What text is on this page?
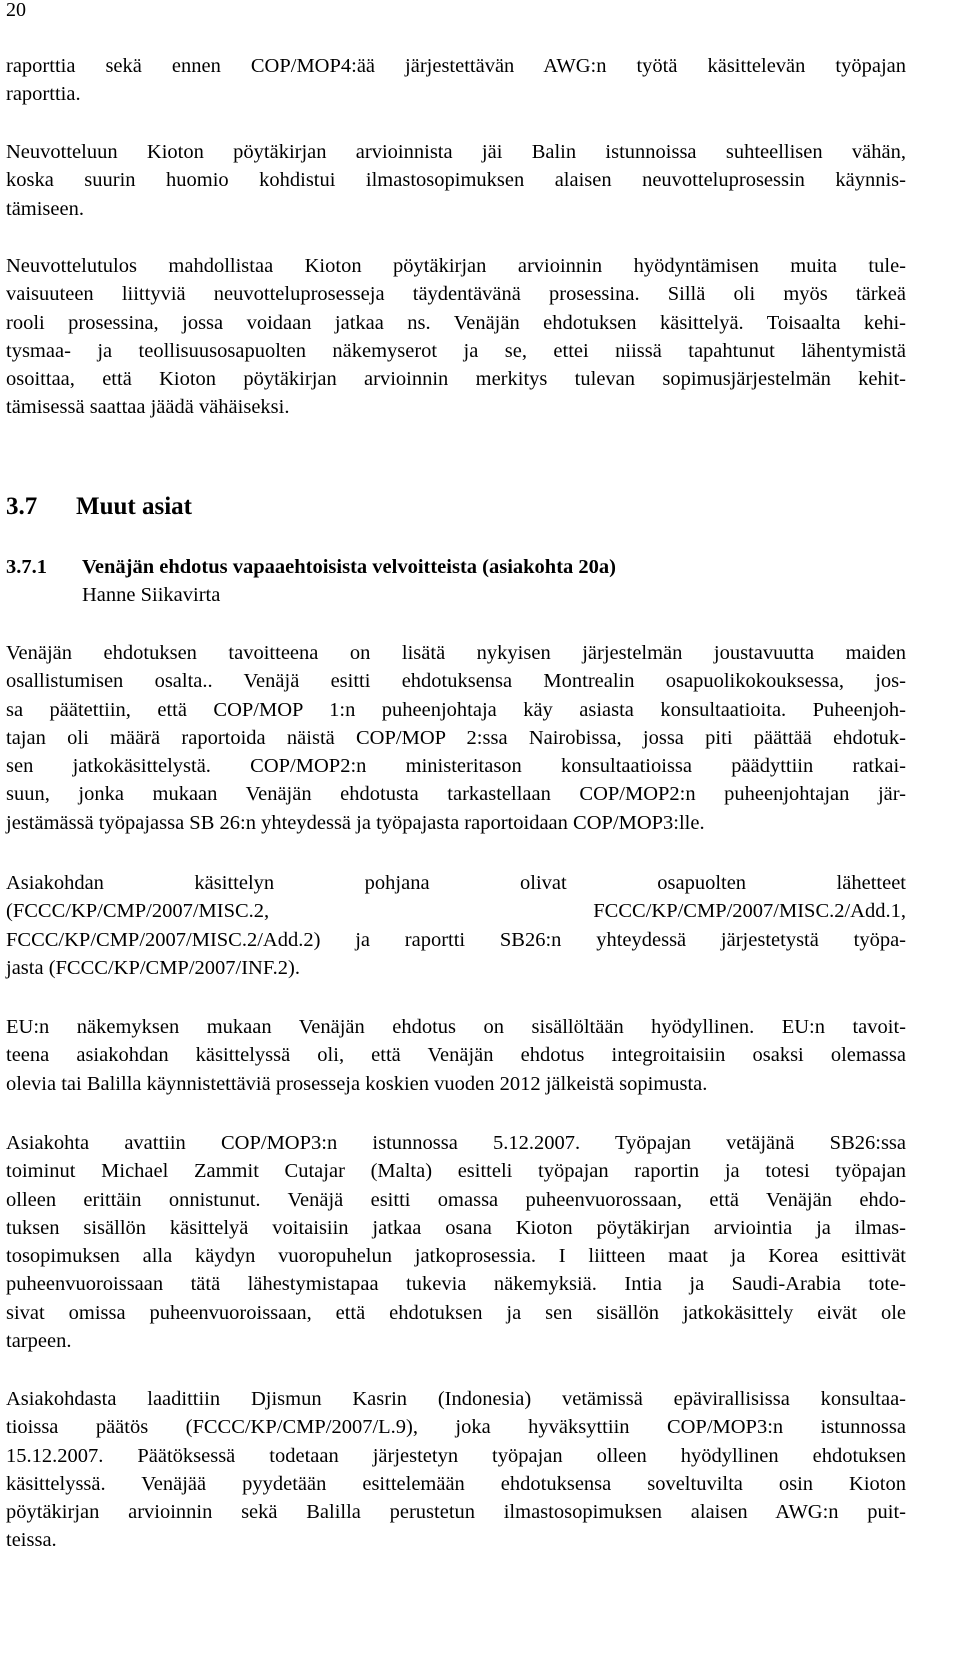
20
raporttia sekä ennen COP/MOP4:ää järjestettävän AWG:n työtä käsittelevän työpajan
raporttia.
Neuvotteluun Kioton pöytäkirjan arvioinnista jäi Balin istunnoissa suhteellisen vähän,
koska suurin huomio kohdistui ilmastosopimuksen alaisen neuvotteluprosessin käynnis-
tämiseen.
Neuvottelutulos mahdollistaa Kioton pöytäkirjan arvioinnin hyödyntämisen muita tule-
vaisuuteen liittyviä neuvotteluprosesseja täydentävänä prosessina. Sillä oli myös tärkeä
rooli prosessina, jossa voidaan jatkaa ns. Venäjän ehdotuksen käsittelyä. Toisaalta kehi-
tysmaa- ja teollisuusosapuolten näkemyserot ja se, ettei niissä tapahtunut lähentymistä
osoittaa, että Kioton pöytäkirjan arvioinnin merkitys tulevan sopimusjärjestelmän kehit-
tämisessä saattaa jäädä vähäiseksi.
3.7 Muut asiat
3.7.1 Venäjän ehdotus vapaaehtoisista velvoitteista (asiakohta 20a)
Hanne Siikavirta
Venäjän ehdotuksen tavoitteena on lisätä nykyisen järjestelmän joustavuutta maiden
osallistumisen osalta.. Venäjä esitti ehdotuksensa Montrealin osapuolikokouksessa, jos-
sa päätettiin, että COP/MOP 1:n puheenjohtaja käy asiasta konsultaatioita. Puheenjoh-
tajan oli määrä raportoida näistä COP/MOP 2:ssa Nairobissa, jossa piti päättää ehdotuk-
sen jatkokäsittelystä. COP/MOP2:n ministeritason konsultaatioissa päädyttiin ratkai-
suun, jonka mukaan Venäjän ehdotusta tarkastellaan COP/MOP2:n puheenjohtajan jär-
jestämässä työpajassa SB 26:n yhteydessä ja työpajasta raportoidaan COP/MOP3:lle.
Asiakohdan käsittelyn pohjana olivat osapuolten lähetteet
(FCCC/KP/CMP/2007/MISC.2, FCCC/KP/CMP/2007/MISC.2/Add.1,
FCCC/KP/CMP/2007/MISC.2/Add.2) ja raportti SB26:n yhteydessä järjestetystä työpa-
jasta (FCCC/KP/CMP/2007/INF.2).
EU:n näkemyksen mukaan Venäjän ehdotus on sisällöltään hyödyllinen. EU:n tavoit-
teena asiakohdan käsittelyssä oli, että Venäjän ehdotus integroitaisiin osaksi olemassa
olevia tai Balilla käynnistettäviä prosesseja koskien vuoden 2012 jälkeistä sopimusta.
Asiakohta avattiin COP/MOP3:n istunnossa 5.12.2007. Työpajan vetäjänä SB26:ssa
toiminut Michael Zammit Cutajar (Malta) esitteli työpajan raportin ja totesi työpajan
olleen erittäin onnistunut. Venäjä esitti omassa puheenvuorossaan, että Venäjän ehdo-
tuksen sisällön käsittelyä voitaisiin jatkaa osana Kioton pöytäkirjan arviointia ja ilmas-
tosopimuksen alla käydyn vuoropuhelun jatkoprosessia. I liitteen maat ja Korea esittivät
puheenvuoroissaan tätä lähestymistapaa tukevia näkemyksiä. Intia ja Saudi-Arabia tote-
sivat omissa puheenvuoroissaan, että ehdotuksen ja sen sisällön jatkokäsittely eivät ole
tarpeen.
Asiakohdasta laadittiin Djismun Kasrin (Indonesia) vetämissä epävirallisissa konsultaa-
tioissa päätös (FCCC/KP/CMP/2007/L.9), joka hyväksyttiin COP/MOP3:n istunnossa
15.12.2007. Päätöksessä todetaan järjestetyn työpajan olleen hyödyllinen ehdotuksen
käsittelyssä. Venäjää pyydetään esittelemään ehdotuksensa soveltuvilta osin Kioton
pöytäkirjan arvioinnin sekä Balilla perustetun ilmastosopimuksen alaisen AWG:n puit-
teissa.
